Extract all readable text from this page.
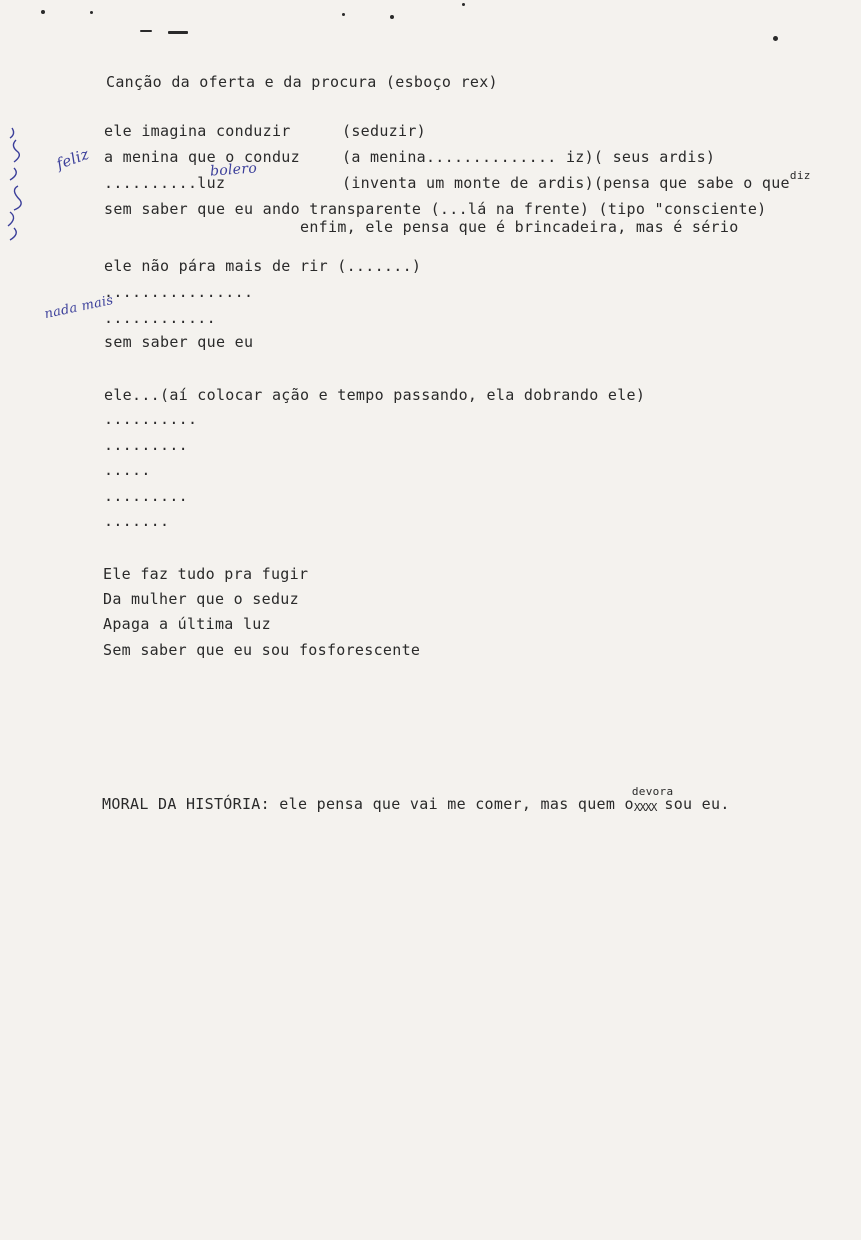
Canção da oferta e da procura (esboço rex)
ele imagina conduzir	(seduzir)
a menina que o conduz	(a menina.............. iz)( seus ardis)
..........luz	(inventa um monte de ardis)(pensa que sabe o que$^{diz}$
sem saber que eu ando transparente (...lá na frente) (tipo "consciente)
enfim, ele pensa que é brincadeira, mas é sério
ele não pára mais de rir (.......)
................
............
sem saber que eu
ele...(aí colocar ação e tempo passando, ela dobrando ele)
..........
.........
.....
.........
.......
Ele faz tudo pra fugir
Da mulher que o seduz
Apaga a última luz
Sem saber que eu sou fosforescente
MORAL DA HISTÓRIA: ele pensa que vai me comer, mas quem oXXXX
devora
sou eu.
feliz	bolero
nada mais
